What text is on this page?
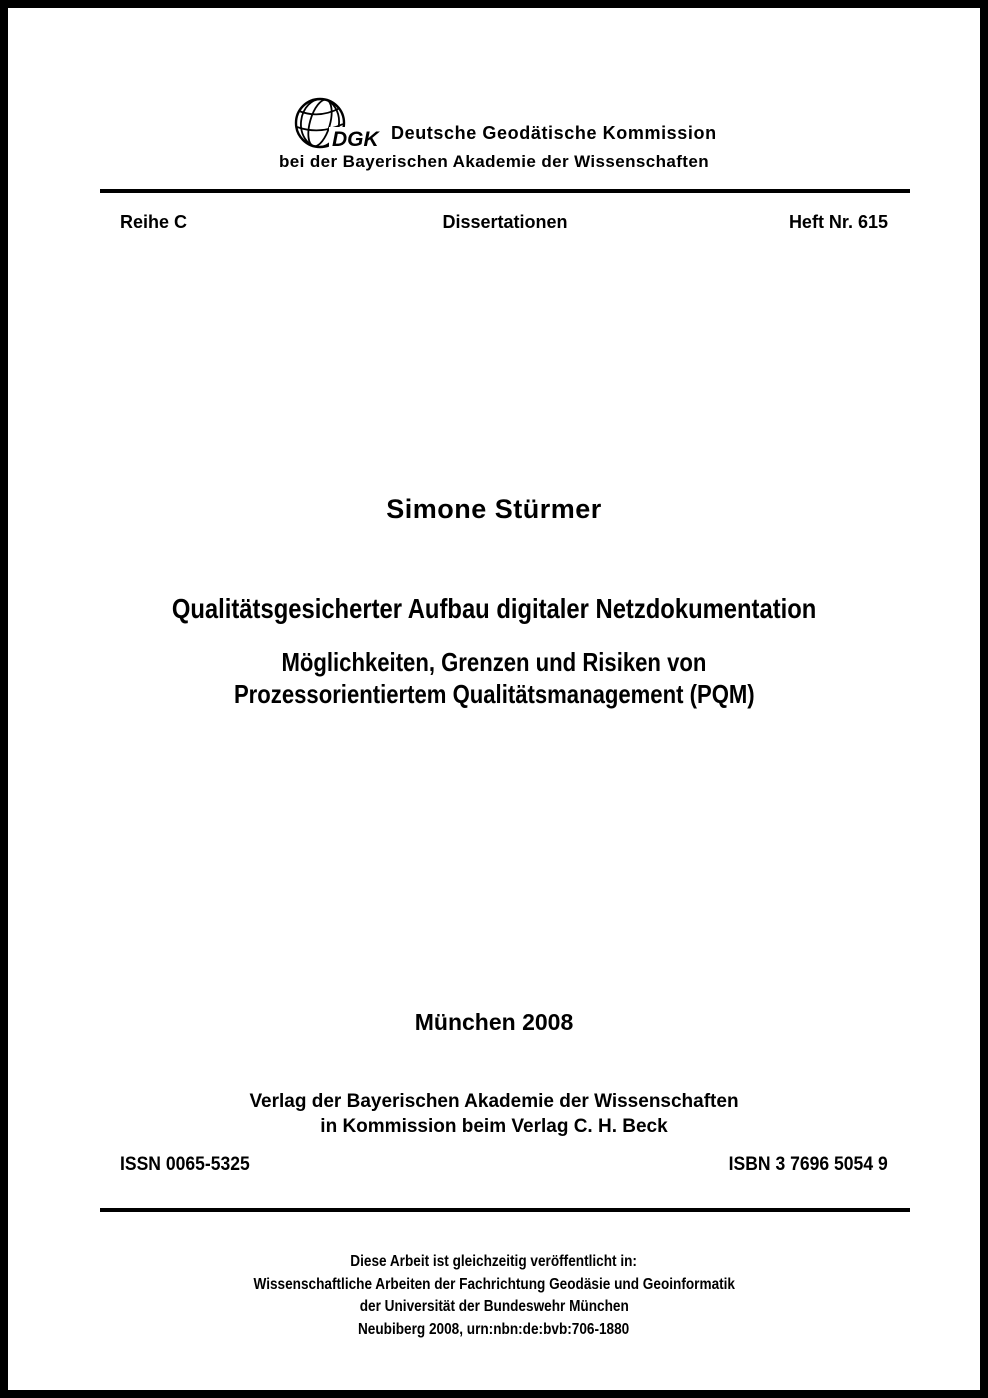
DGK Deutsche Geodätische Kommission
bei der Bayerischen Akademie der Wissenschaften
Reihe C	Dissertationen	Heft Nr. 615
Simone Stürmer
Qualitätsgesicherter Aufbau digitaler Netzdokumentation
Möglichkeiten, Grenzen und Risiken von
Prozessorientiertem Qualitätsmanagement (PQM)
München 2008
Verlag der Bayerischen Akademie der Wissenschaften
in Kommission beim Verlag C. H. Beck
ISSN 0065-5325	ISBN 3 7696 5054 9
Diese Arbeit ist gleichzeitig veröffentlicht in:
Wissenschaftliche Arbeiten der Fachrichtung Geodäsie und Geoinformatik
der Universität der Bundeswehr München
Neubiberg 2008, urn:nbn:de:bvb:706-1880
